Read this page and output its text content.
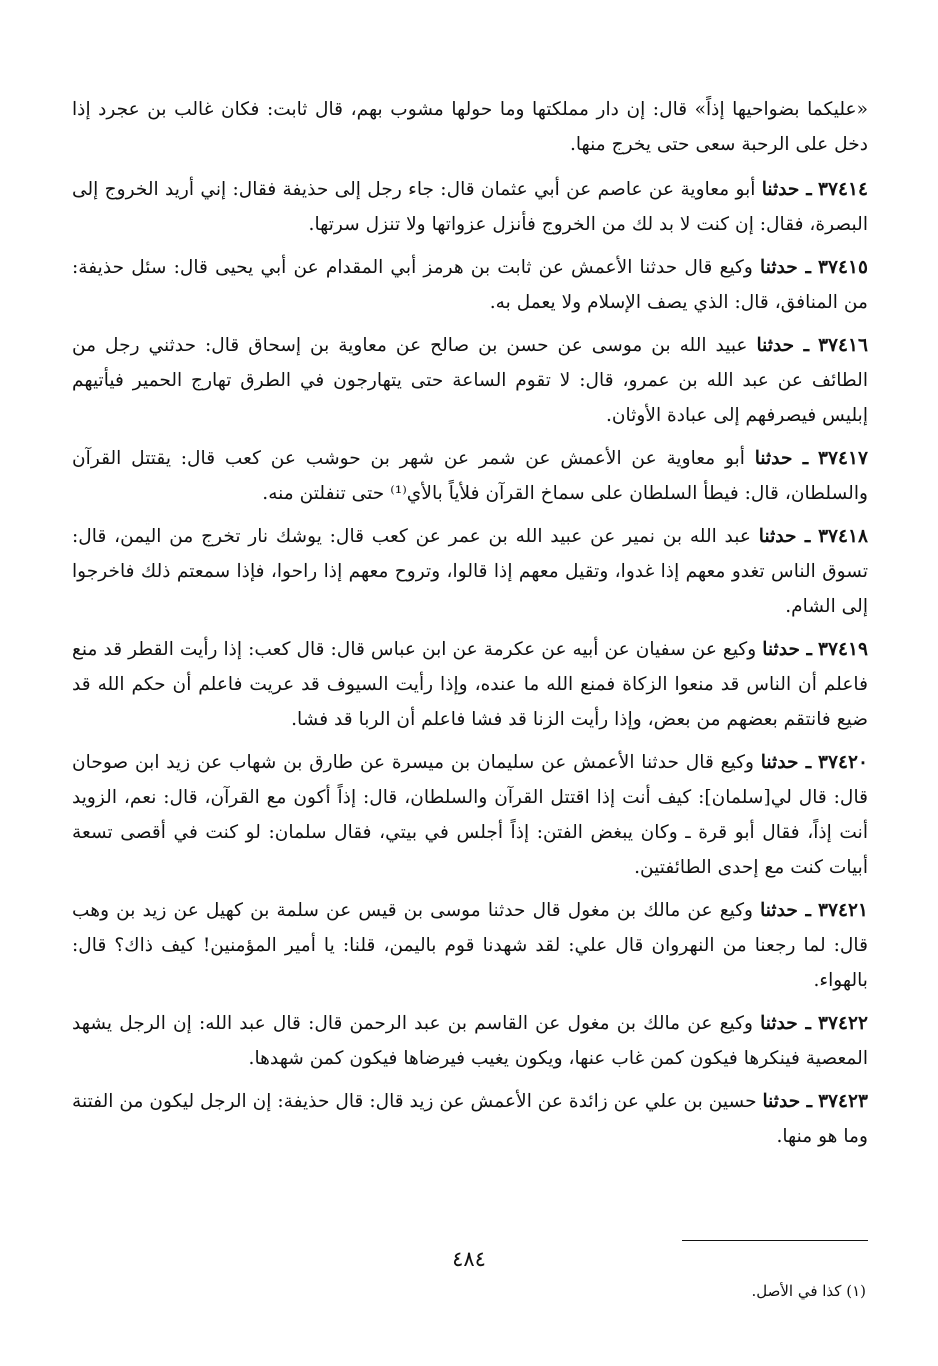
«عليكما بضواحيها إذاً» قال: إن دار مملكتها وما حولها مشوب بهم، قال ثابت: فكان غالب بن عجرد إذا دخل على الرحبة سعى حتى يخرج منها.

٣٧٤١٤ ـ حدثنا أبو معاوية عن عاصم عن أبي عثمان قال: جاء رجل إلى حذيفة فقال: إني أريد الخروج إلى البصرة، فقال: إن كنت لا بد لك من الخروج فأنزل عزواتها ولا تنزل سرتها.

٣٧٤١٥ ـ حدثنا وكيع قال حدثنا الأعمش عن ثابت بن هرمز أبي المقدام عن أبي يحيى قال: سئل حذيفة: من المنافق، قال: الذي يصف الإسلام ولا يعمل به.

٣٧٤١٦ ـ حدثنا عبيد الله بن موسى عن حسن بن صالح عن معاوية بن إسحاق قال: حدثني رجل من الطائف عن عبد الله بن عمرو، قال: لا تقوم الساعة حتى يتهارجون في الطرق تهارج الحمير فيأتيهم إبليس فيصرفهم إلى عبادة الأوثان.

٣٧٤١٧ ـ حدثنا أبو معاوية عن الأعمش عن شمر عن شهر بن حوشب عن كعب قال: يقتتل القرآن والسلطان، قال: فيطأ السلطان على سماخ القرآن فلأياً بالأي⁽¹⁾ حتى تنفلتن منه.

٣٧٤١٨ ـ حدثنا عبد الله بن نمير عن عبيد الله بن عمر عن كعب قال: يوشك نار تخرج من اليمن، قال: تسوق الناس تغدو معهم إذا غدوا، وتقيل معهم إذا قالوا، وتروح معهم إذا راحوا، فإذا سمعتم ذلك فاخرجوا إلى الشام.

٣٧٤١٩ ـ حدثنا وكيع عن سفيان عن أبيه عن عكرمة عن ابن عباس قال: قال كعب: إذا رأيت القطر قد منع فاعلم أن الناس قد منعوا الزكاة فمنع الله ما عنده، وإذا رأيت السيوف قد عريت فاعلم أن حكم الله قد ضيع فانتقم بعضهم من بعض، وإذا رأيت الزنا قد فشا فاعلم أن الربا قد فشا.

٣٧٤٢٠ ـ حدثنا وكيع قال حدثنا الأعمش عن سليمان بن ميسرة عن طارق بن شهاب عن زيد ابن صوحان قال: قال لي[سلمان]: كيف أنت إذا اقتتل القرآن والسلطان، قال: إذاً أكون مع القرآن، قال: نعم، الزويد أنت إذاً، فقال أبو قرة ـ وكان يبغض الفتن: إذاً أجلس في بيتي، فقال سلمان: لو كنت في أقصى تسعة أبيات كنت مع إحدى الطائفتين.

٣٧٤٢١ ـ حدثنا وكيع عن مالك بن مغول قال حدثنا موسى بن قيس عن سلمة بن كهيل عن زيد بن وهب قال: لما رجعنا من النهروان قال علي: لقد شهدنا قوم باليمن، قلنا: يا أمير المؤمنين! كيف ذاك؟ قال: بالهواء.

٣٧٤٢٢ ـ حدثنا وكيع عن مالك بن مغول عن القاسم بن عبد الرحمن قال: قال عبد الله: إن الرجل يشهد المعصية فينكرها فيكون كمن غاب عنها، ويكون يغيب فيرضاها فيكون كمن شهدها.

٣٧٤٢٣ ـ حدثنا حسين بن علي عن زائدة عن الأعمش عن زيد قال: قال حذيفة: إن الرجل ليكون من الفتنة وما هو منها.

٤٨٤
(١) كذا في الأصل.
